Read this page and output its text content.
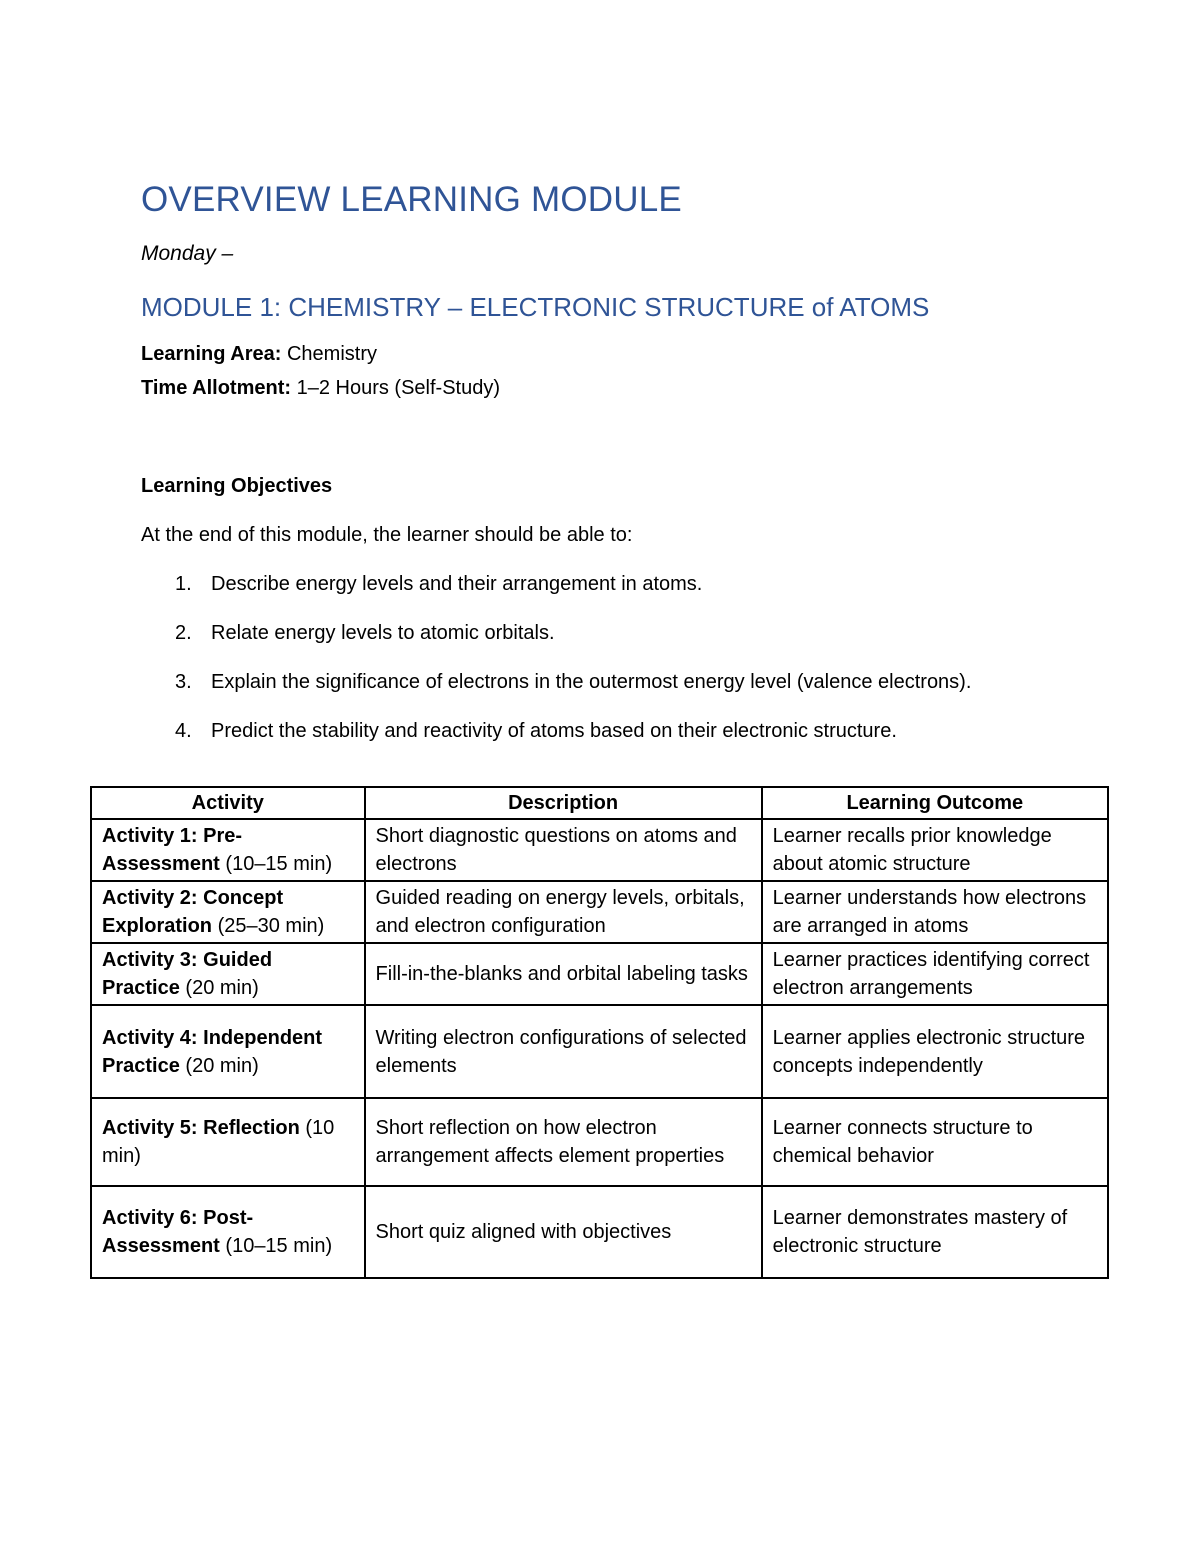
OVERVIEW LEARNING MODULE

Monday –

MODULE 1: CHEMISTRY – ELECTRONIC STRUCTURE of ATOMS

Learning Area: Chemistry

Time Allotment: 1–2 Hours (Self-Study)

Learning Objectives

At the end of this module, the learner should be able to:

1. Describe energy levels and their arrangement in atoms.
2. Relate energy levels to atomic orbitals.
3. Explain the significance of electrons in the outermost energy level (valence electrons).
4. Predict the stability and reactivity of atoms based on their electronic structure.
Activity	Description	Learning Outcome
Activity 1: Pre-Assessment (10–15 min)	Short diagnostic questions on atoms and electrons	Learner recalls prior knowledge about atomic structure
Activity 2: Concept Exploration (25–30 min)	Guided reading on energy levels, orbitals, and electron configuration	Learner understands how electrons are arranged in atoms
Activity 3: Guided Practice (20 min)	Fill-in-the-blanks and orbital labeling tasks	Learner practices identifying correct electron arrangements
Activity 4: Independent Practice (20 min)	Writing electron configurations of selected elements	Learner applies electronic structure concepts independently
Activity 5: Reflection (10 min)	Short reflection on how electron arrangement affects element properties	Learner connects structure to chemical behavior
Activity 6: Post-Assessment (10–15 min)	Short quiz aligned with objectives	Learner demonstrates mastery of electronic structure
